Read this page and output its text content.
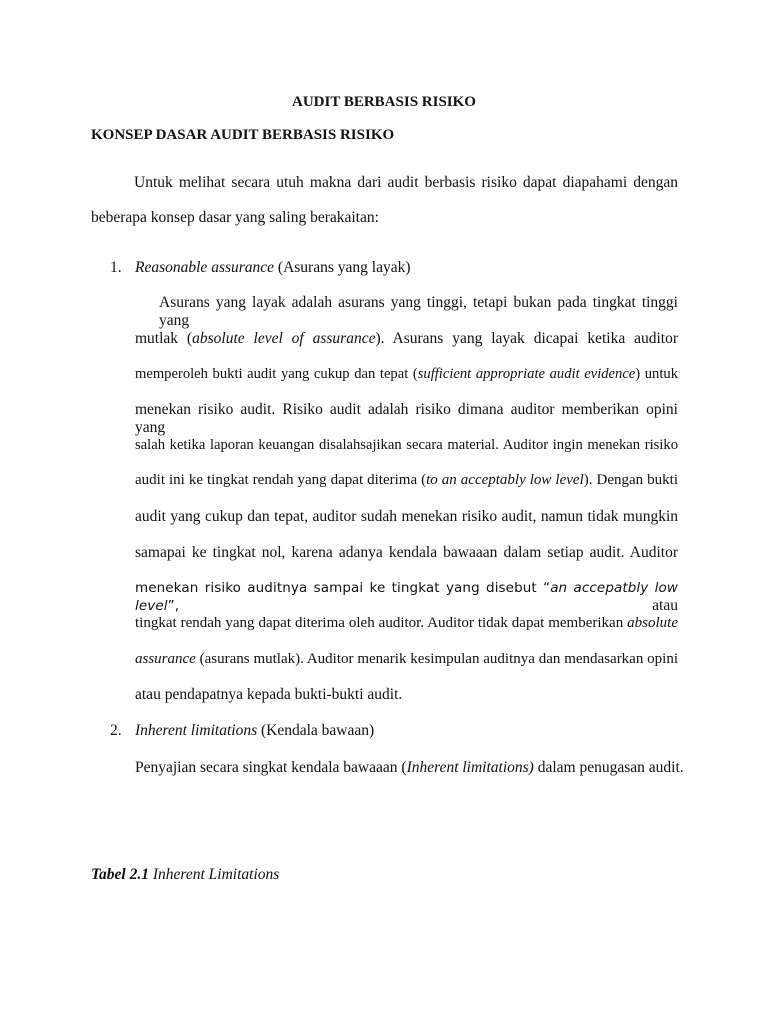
AUDIT BERBASIS RISIKO
KONSEP DASAR AUDIT BERBASIS RISIKO
Untuk melihat secara utuh makna dari audit berbasis risiko dapat diapahami dengan
beberapa konsep dasar yang saling berakaitan:
1. Reasonable assurance (Asurans yang layak)
Asurans yang layak adalah asurans yang tinggi, tetapi bukan pada tingkat tinggi yang
mutlak (absolute level of assurance). Asurans yang layak dicapai ketika auditor
memperoleh bukti audit yang cukup dan tepat (sufficient appropriate audit evidence) untuk
menekan risiko audit. Risiko audit adalah risiko dimana auditor memberikan opini yang
salah ketika laporan keuangan disalahsajikan secara material. Auditor ingin menekan risiko
audit ini ke tingkat rendah yang dapat diterima (to an acceptably low level). Dengan bukti
audit yang cukup dan tepat, auditor sudah menekan risiko audit, namun tidak mungkin
samapai ke tingkat nol, karena adanya kendala bawaaan dalam setiap audit. Auditor
menekan risiko auditnya sampai ke tingkat yang disebut “an accepatbly low level”, atau
tingkat rendah yang dapat diterima oleh auditor. Auditor tidak dapat memberikan absolute
assurance (asurans mutlak). Auditor menarik kesimpulan auditnya dan mendasarkan opini
atau pendapatnya kepada bukti-bukti audit.
2. Inherent limitations (Kendala bawaan)
Penyajian secara singkat kendala bawaaan (Inherent limitations) dalam penugasan audit.
Tabel 2.1 Inherent Limitations
